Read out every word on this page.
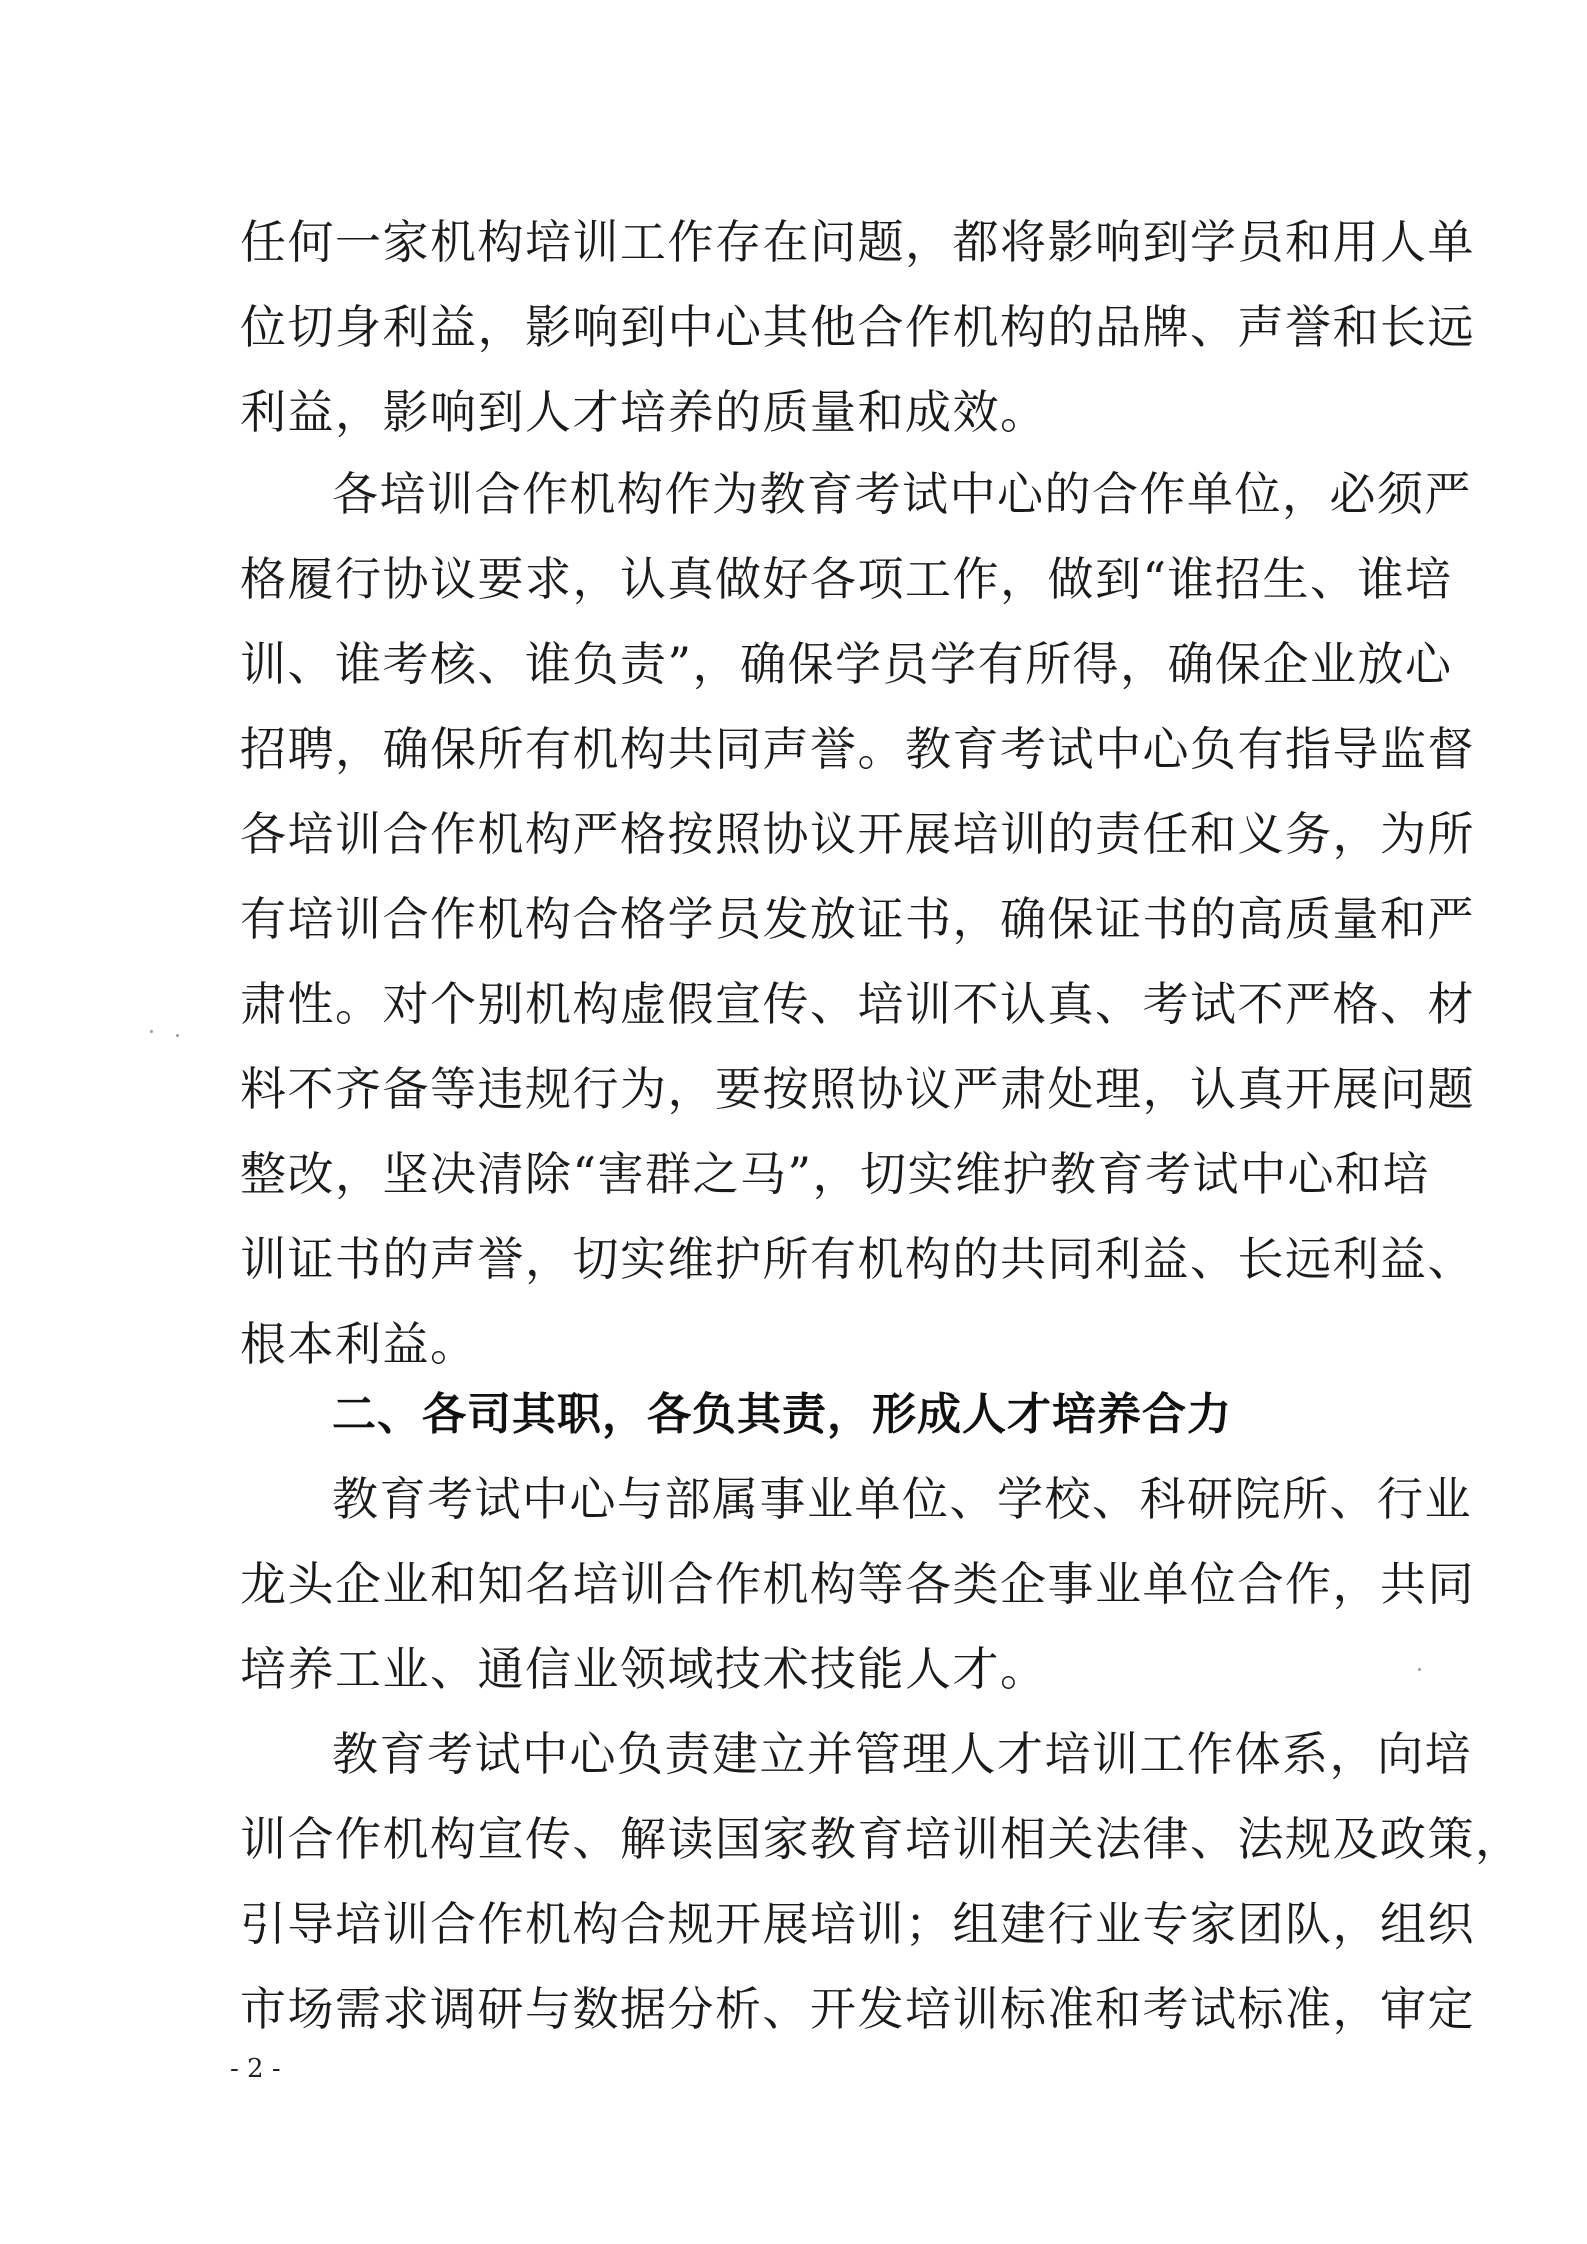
任何一家机构培训工作存在问题，都将影响到学员和用人单
位切身利益，影响到中心其他合作机构的品牌、声誉和长远
利益，影响到人才培养的质量和成效。
各培训合作机构作为教育考试中心的合作单位，必须严
格履行协议要求，认真做好各项工作，做到“谁招生、谁培
训、谁考核、谁负责”，确保学员学有所得，确保企业放心
招聘，确保所有机构共同声誉。教育考试中心负有指导监督
各培训合作机构严格按照协议开展培训的责任和义务，为所
有培训合作机构合格学员发放证书，确保证书的高质量和严
肃性。对个别机构虚假宣传、培训不认真、考试不严格、材
料不齐备等违规行为，要按照协议严肃处理，认真开展问题
整改，坚决清除“害群之马”，切实维护教育考试中心和培
训证书的声誉，切实维护所有机构的共同利益、长远利益、
根本利益。
二、各司其职，各负其责，形成人才培养合力
教育考试中心与部属事业单位、学校、科研院所、行业
龙头企业和知名培训合作机构等各类企事业单位合作，共同
培养工业、通信业领域技术技能人才。
教育考试中心负责建立并管理人才培训工作体系，向培
训合作机构宣传、解读国家教育培训相关法律、法规及政策，
引导培训合作机构合规开展培训；组建行业专家团队，组织
市场需求调研与数据分析、开发培训标准和考试标准，审定
- 2 -
